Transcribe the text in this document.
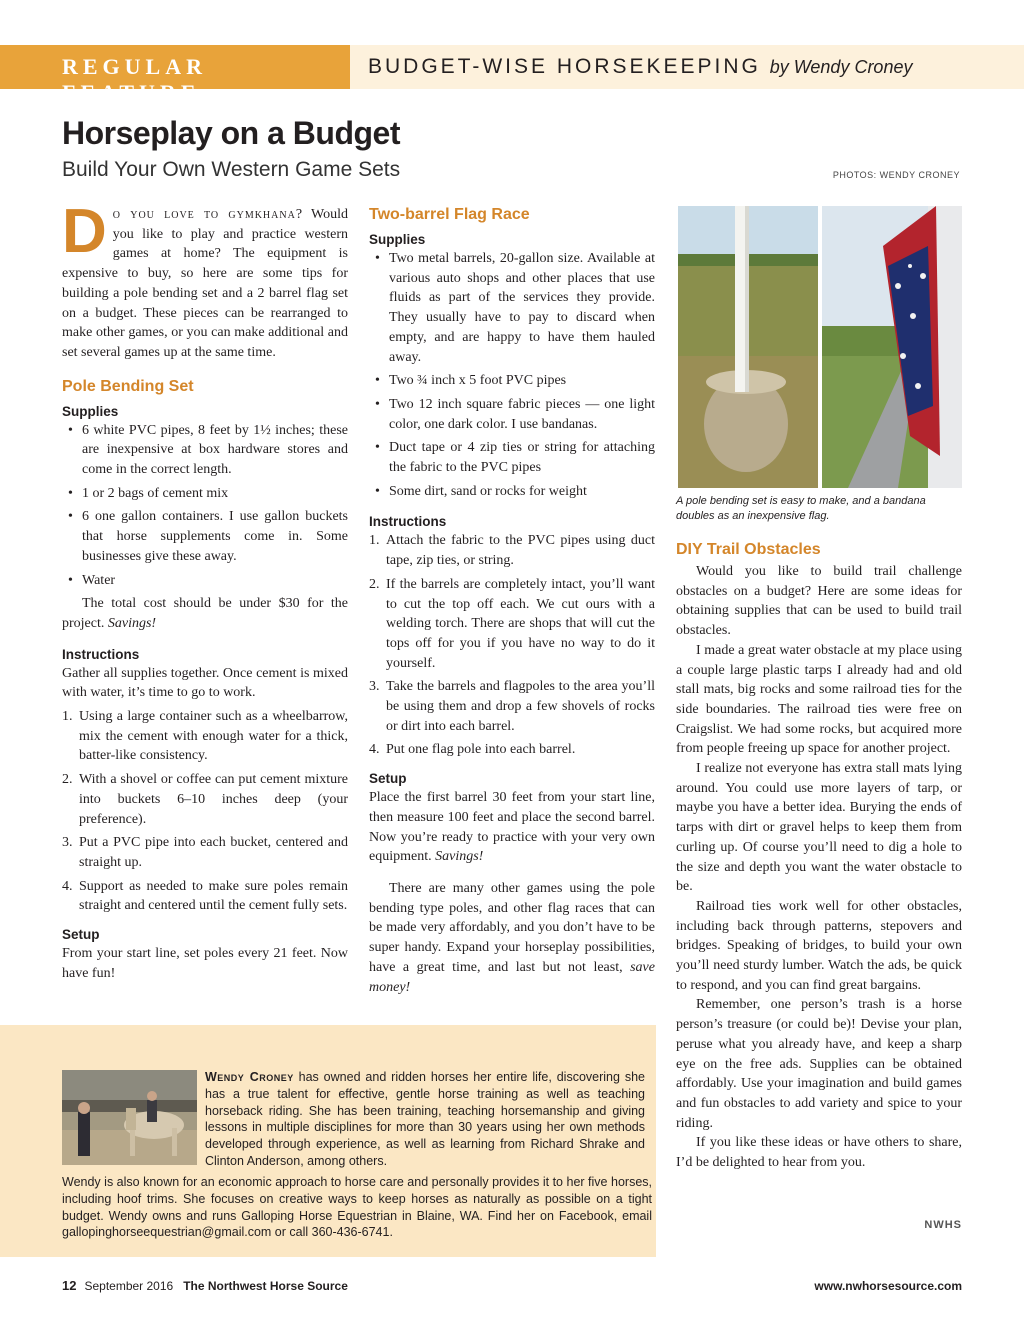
REGULAR FEATURE
BUDGET-WISE HORSEKEEPING by Wendy Croney
Horseplay on a Budget
Build Your Own Western Game Sets	PHOTOS: WENDY CRONEY

Do you love to gymkhana? Would you like to play and practice western games at home? The equipment is expensive to buy, so here are some tips for building a pole bending set and a 2 barrel flag set on a budget. These pieces can be rearranged to make other games, or you can make additional and set several games up at the same time.

Pole Bending Set
Supplies
• 6 white PVC pipes, 8 feet by 1½ inches; these are inexpensive at box hardware stores and come in the correct length.
• 1 or 2 bags of cement mix
• 6 one gallon containers. I use gallon buckets that horse supplements come in. Some businesses give these away.
• Water

The total cost should be under $30 for the project. Savings!

Instructions

Gather all supplies together. Once cement is mixed with water, it’s time to go to work.

1. Using a large container such as a wheelbarrow, mix the cement with enough water for a thick, batter-like consistency.
2. With a shovel or coffee can put cement mixture into buckets 6–10 inches deep (your preference).
3. Put a PVC pipe into each bucket, centered and straight up.
4. Support as needed to make sure poles remain straight and centered until the cement fully sets.
Setup

From your start line, set poles every 21 feet. Now have fun!

Two-barrel Flag Race
Supplies
• Two metal barrels, 20-gallon size. Available at various auto shops and other places that use fluids as part of the services they provide. They usually have to pay to discard when empty, and are happy to have them hauled away.
• Two ¾ inch x 5 foot PVC pipes
• Two 12 inch square fabric pieces — one light color, one dark color. I use bandanas.
• Duct tape or 4 zip ties or string for attaching the fabric to the PVC pipes
• Some dirt, sand or rocks for weight
Instructions
1. Attach the fabric to the PVC pipes using duct tape, zip ties, or string.
2. If the barrels are completely intact, you’ll want to cut the top off each. We cut ours with a welding torch. There are shops that will cut the tops off for you if you have no way to do it yourself.
3. Take the barrels and flagpoles to the area you’ll be using them and drop a few shovels of rocks or dirt into each barrel.
4. Put one flag pole into each barrel.
Setup

Place the first barrel 30 feet from your start line, then measure 100 feet and place the second barrel. Now you’re ready to practice with your very own equipment. Savings!

There are many other games using the pole bending type poles, and other flag races that can be made very affordably, and you don’t have to be super handy. Expand your horseplay possibilities, have a great time, and last but not least, save money!

A pole bending set is easy to make, and a bandana doubles as an inexpensive flag.
DIY Trail Obstacles

Would you like to build trail challenge obstacles on a budget? Here are some ideas for obtaining supplies that can be used to build trail obstacles.

I made a great water obstacle at my place using a couple large plastic tarps I already had and old stall mats, big rocks and some railroad ties for the side boundaries. The railroad ties were free on Craigslist. We had some rocks, but acquired more from people freeing up space for another project.

I realize not everyone has extra stall mats lying around. You could use more layers of tarp, or maybe you have a better idea. Burying the ends of tarps with dirt or gravel helps to keep them from curling up. Of course you’ll need to dig a hole to the size and depth you want the water obstacle to be.

Railroad ties work well for other obstacles, including back through patterns, stepovers and bridges. Speaking of bridges, to build your own you’ll need sturdy lumber. Watch the ads, be quick to respond, and you can find great bargains.

Remember, one person’s trash is a horse person’s treasure (or could be)! Devise your plan, peruse what you already have, and keep a sharp eye on the free ads. Supplies can be obtained affordably. Use your imagination and build games and fun obstacles to add variety and spice to your riding.

If you like these ideas or have others to share, I’d be delighted to hear from you.

NWHS

Wendy Croney has owned and ridden horses her entire life, discovering she has a true talent for effective, gentle horse training as well as teaching horseback riding. She has been training, teaching horsemanship and giving lessons in multiple disciplines for more than 30 years using her own methods developed through experience, as well as learning from Richard Shrake and Clinton Anderson, among others.

Wendy is also known for an economic approach to horse care and personally provides it to her five horses, including hoof trims. She focuses on creative ways to keep horses as naturally as possible on a tight budget. Wendy owns and runs Galloping Horse Equestrian in Blaine, WA. Find her on Facebook, email gallopinghorseequestrian@gmail.com or call 360-436-6741.

12 September 2016 The Northwest Horse Source	www.nwhorsesource.com
